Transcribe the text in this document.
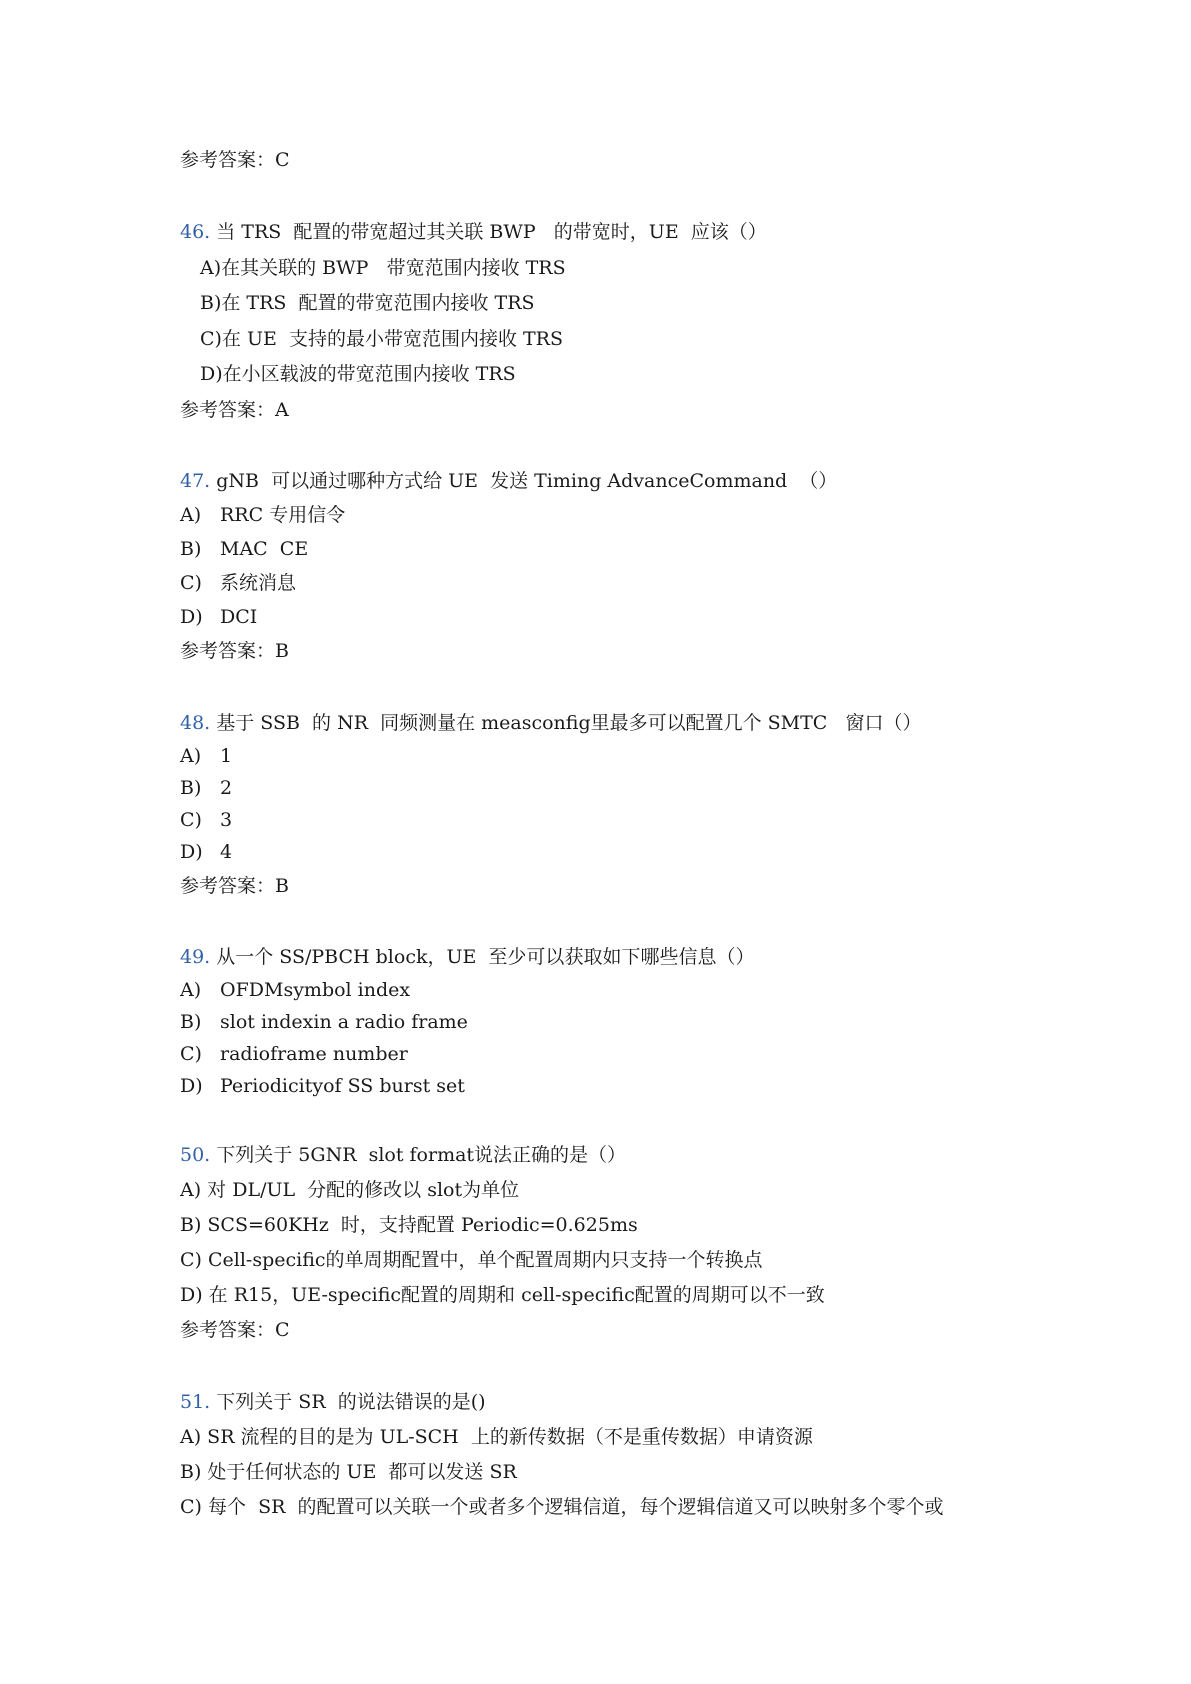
参考答案：C
46. 当 TRS  配置的带宽超过其关联 BWP   的带宽时，UE  应该（）
A)在其关联的 BWP   带宽范围内接收 TRS
B)在 TRS  配置的带宽范围内接收 TRS
C)在 UE  支持的最小带宽范围内接收 TRS
D)在小区载波的带宽范围内接收 TRS
参考答案：A
47. gNB  可以通过哪种方式给 UE  发送 Timing AdvanceCommand  （）
A) RRC 专用信令
B) MAC  CE
C) 系统消息
D) DCI
参考答案：B
48. 基于 SSB  的 NR  同频测量在 measconfig里最多可以配置几个 SMTC   窗口（）
A) 1
B) 2
C) 3
D) 4
参考答案：B
49. 从一个 SS/PBCH block，UE  至少可以获取如下哪些信息（）
A) OFDMsymbol index
B) slot indexin a radio frame
C) radioframe number
D) Periodicityof SS burst set
50. 下列关于 5GNR  slot format说法正确的是（）
A) 对 DL/UL  分配的修改以 slot为单位
B) SCS=60KHz  时，支持配置 Periodic=0.625ms
C) Cell-specific的单周期配置中，单个配置周期内只支持一个转换点
D) 在 R15，UE-specific配置的周期和 cell-specific配置的周期可以不一致
参考答案：C
51. 下列关于 SR  的说法错误的是()
A) SR 流程的目的是为 UL-SCH  上的新传数据（不是重传数据）申请资源
B) 处于任何状态的 UE  都可以发送 SR
C) 每个  SR  的配置可以关联一个或者多个逻辑信道，每个逻辑信道又可以映射多个零个或
